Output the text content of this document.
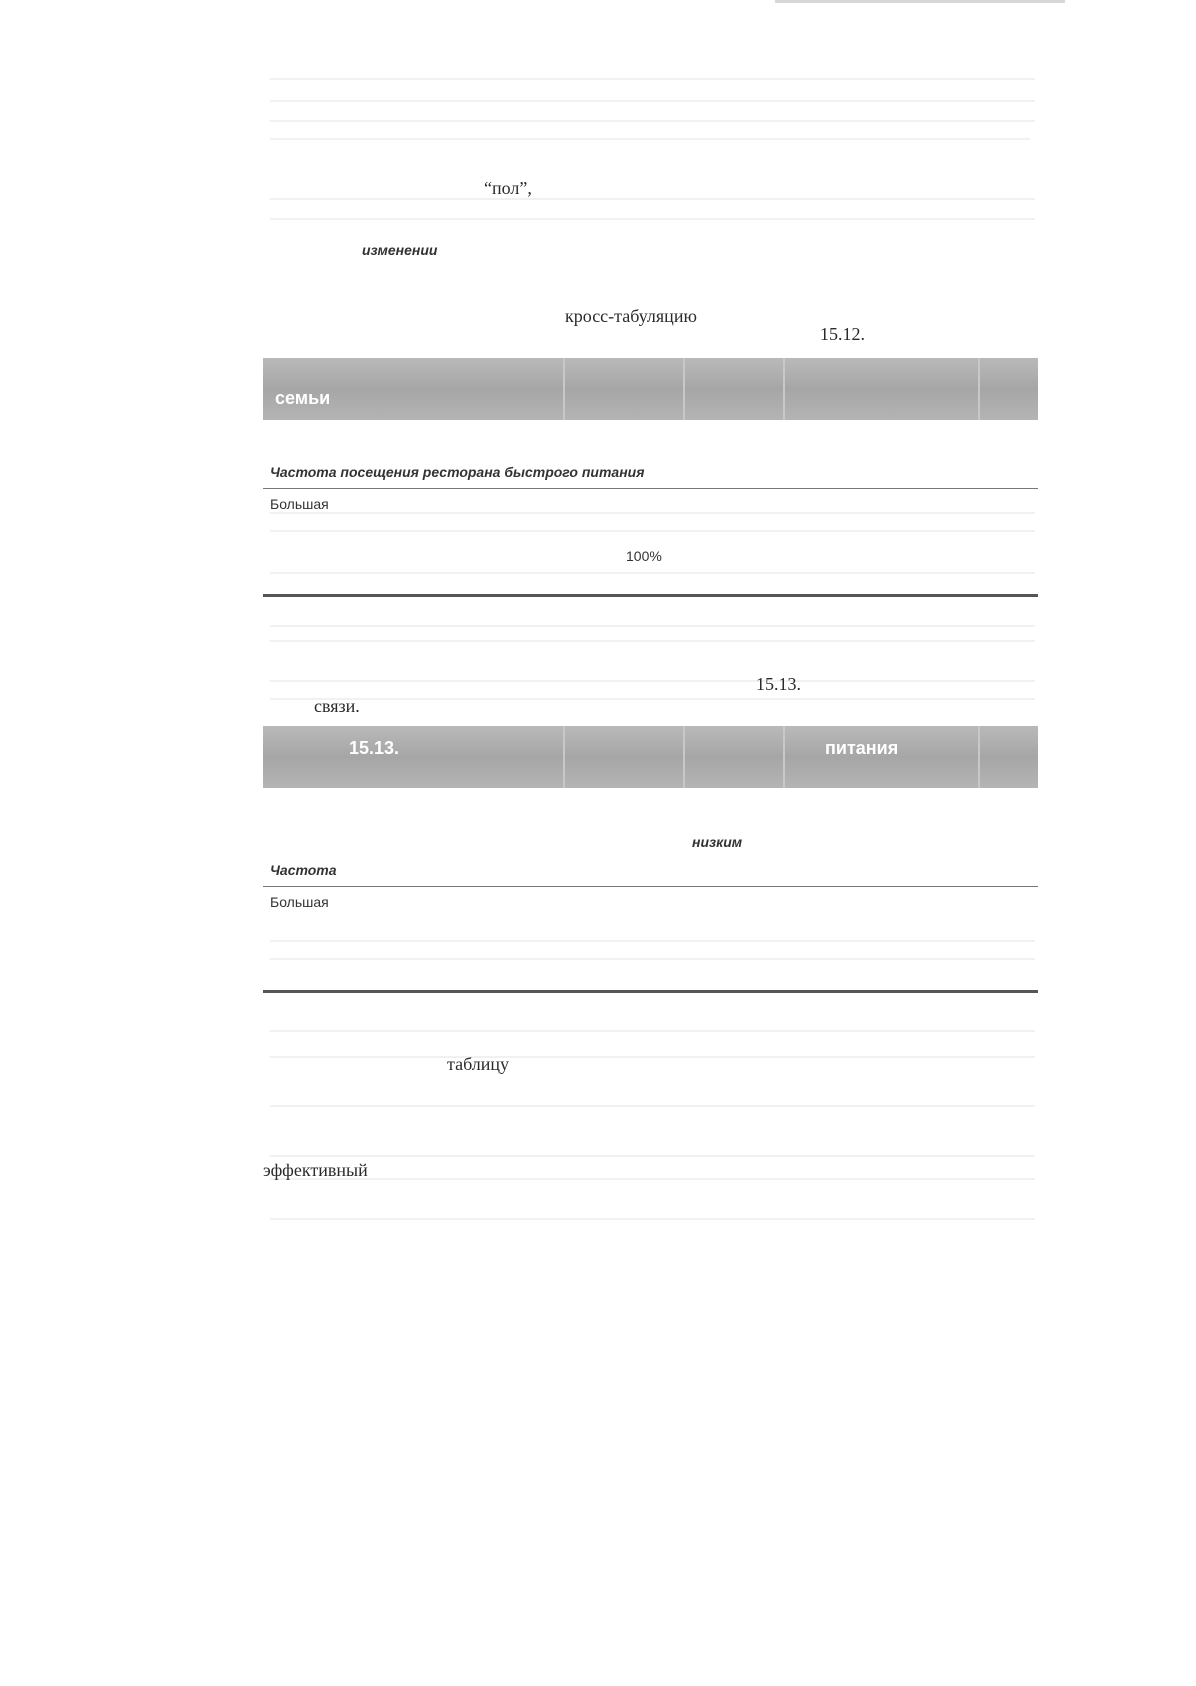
“пол”,
изменении
кросс-табуляцию
15.12.
семьи
Частота посещения ресторана быстрого питания
Большая
100%
15.13.
связи.
15.13.	питания
низким
Частота
Большая
таблицу
эффективный
